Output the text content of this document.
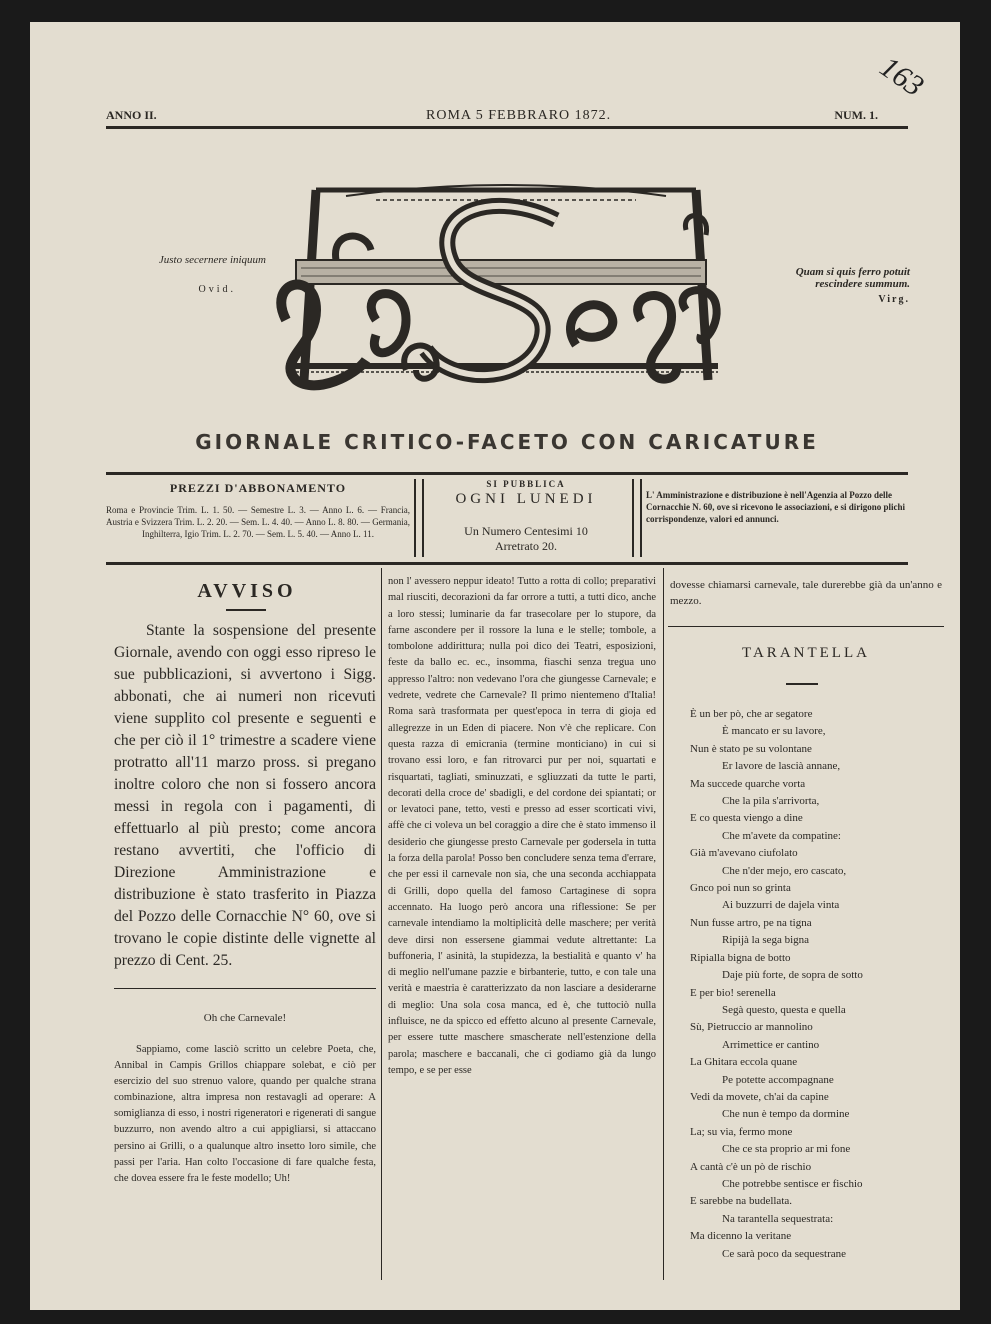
163
ANNO II.	ROMA 5 FEBBRARO 1872.	NUM. 1.
Justo secernere iniquum
Ovid.
Quam si quis ferro potuit rescindere summum.
Virg.
GIORNALE CRITICO-FACETO CON CARICATURE
PREZZI D'ABBONAMENTO
Roma e Provincie Trim. L. 1. 50. — Semestre L. 3. — Anno L. 6. — Francia, Austria e Svizzera Trim. L. 2. 20. — Sem. L. 4. 40. — Anno L. 8. 80. — Germania, Inghilterra, Igio Trim. L. 2. 70. — Sem. L. 5. 40. — Anno L. 11.
SI PUBBLICA
OGNI LUNEDI
Un Numero Centesimi 10
Arretrato 20.
L' Amministrazione e distribuzione è nell'Agenzia al Pozzo delle Cornacchie N. 60, ove si ricevono le associazioni, e si dirigono plichi corrispondenze, valori ed annunci.
AVVISO
Stante la sospensione del presente Giornale, avendo con oggi esso ripreso le sue pubblicazioni, si avvertono i Sigg. abbonati, che ai numeri non ricevuti viene supplito col presente e seguenti e che per ciò il 1° trimestre a scadere viene protratto all'11 marzo pross. si pregano inoltre coloro che non si fossero ancora messi in regola con i pagamenti, di effettuarlo al più presto; come ancora restano avvertiti, che l'officio di Direzione Amministrazione e distribuzione è stato trasferito in Piazza del Pozzo delle Cornacchie N° 60, ove si trovano le copie distinte delle vignette al prezzo di Cent. 25.
Oh che Carnevale!
Sappiamo, come lasciò scritto un celebre Poeta, che, Annibal in Campis Grillos chiappare solebat, e ciò per esercizio del suo strenuo valore, quando per qualche strana combinazione, altra impresa non restavagli ad operare: A somiglianza di esso, i nostri rigeneratori e rigenerati di sangue buzzurro, non avendo altro a cui appigliarsi, si attaccano persino ai Grilli, o a qualunque altro insetto loro simile, che passi per l'aria. Han colto l'occasione di fare qualche festa, che dovea essere fra le feste modello; Uh!
non l' avessero neppur ideato! Tutto a rotta di collo; preparativi mal riusciti, decorazioni da far orrore a tutti, a tutti dico, anche a loro stessi; luminarie da far trasecolare per lo stupore, da farne ascondere per il rossore la luna e le stelle; tombole, a tombolone addirittura; nulla poi dico dei Teatri, esposizioni, feste da ballo ec. ec., insomma, fiaschi senza tregua uno appresso l'altro: non vedevano l'ora che giungesse Carnevale; e vedrete, vedrete che Carnevale? Il primo nientemeno d'Italia! Roma sarà trasformata per quest'epoca in terra di gioja ed allegrezze in un Eden di piacere. Non v'è che replicare. Con questa razza di emicrania (termine monticiano) in cui si trovano essi loro, e fan ritrovarci pur per noi, squartati e risquartati, tagliati, sminuzzati, e sgliuzzati da tutte le parti, decorati della croce de' sbadigli, e del cordone dei spiantati; or or levatoci pane, tetto, vesti e presso ad esser scorticati vivi, affè che ci voleva un bel coraggio a dire che è stato immenso il desiderio che giungesse presto Carnevale per godersela in tutta la forza della parola! Posso ben concludere senza tema d'errare, che per essi il carnevale non sia, che una seconda acchiappata di Grilli, dopo quella del famoso Cartaginese di sopra accennato. Ha luogo però ancora una riflessione: Se per carnevale intendiamo la moltiplicità delle maschere; per verità deve dirsi non essersene giammai vedute altrettante: La buffoneria, l' asinità, la stupidezza, la bestialità e quanto v' ha di meglio nell'umane pazzie e birbanterie, tutto, e con tale una verità e maestria è caratterizzato da non lasciare a desiderarne di meglio: Una sola cosa manca, ed è, che tuttociò nulla influisce, ne da spicco ed effetto alcuno al presente Carnevale, per essere tutte maschere smascherate nell'estenzione della parola; maschere e baccanali, che ci godiamo già da lungo tempo, e se per esse
dovesse chiamarsi carnevale, tale durerebbe già da un'anno e mezzo.
TARANTELLA
È un ber pò, che ar segatore
È mancato er su lavore,
Nun è stato pe su volontane
Er lavore de lascià annane,
Ma succede quarche vorta
Che la pila s'arrivorta,
E co questa viengo a dine
Che m'avete da compatine:
Già m'avevano ciufolato
Che n'der mejo, ero cascato,
Gnco poi nun so grinta
Ai buzzurri de dajela vinta
Nun fusse artro, pe na tigna
Ripijà la sega bigna
Ripialla bigna de botto
Daje più forte, de sopra de sotto
E per bio! serenella
Segà questo, questa e quella
Sù, Pietruccio ar mannolino
Arrimettice er cantino
La Ghitara eccola quane
Pe potette accompagnane
Vedi da movete, ch'ai da capine
Che nun è tempo da dormine
La; su via, fermo mone
Che ce sta proprio ar mi fone
A cantà c'è un pò de rischio
Che potrebbe sentisce er fischio
E sarebbe na budellata.
Na tarantella sequestrata:
Ma dicenno la veritane
Ce sarà poco da sequestrane
